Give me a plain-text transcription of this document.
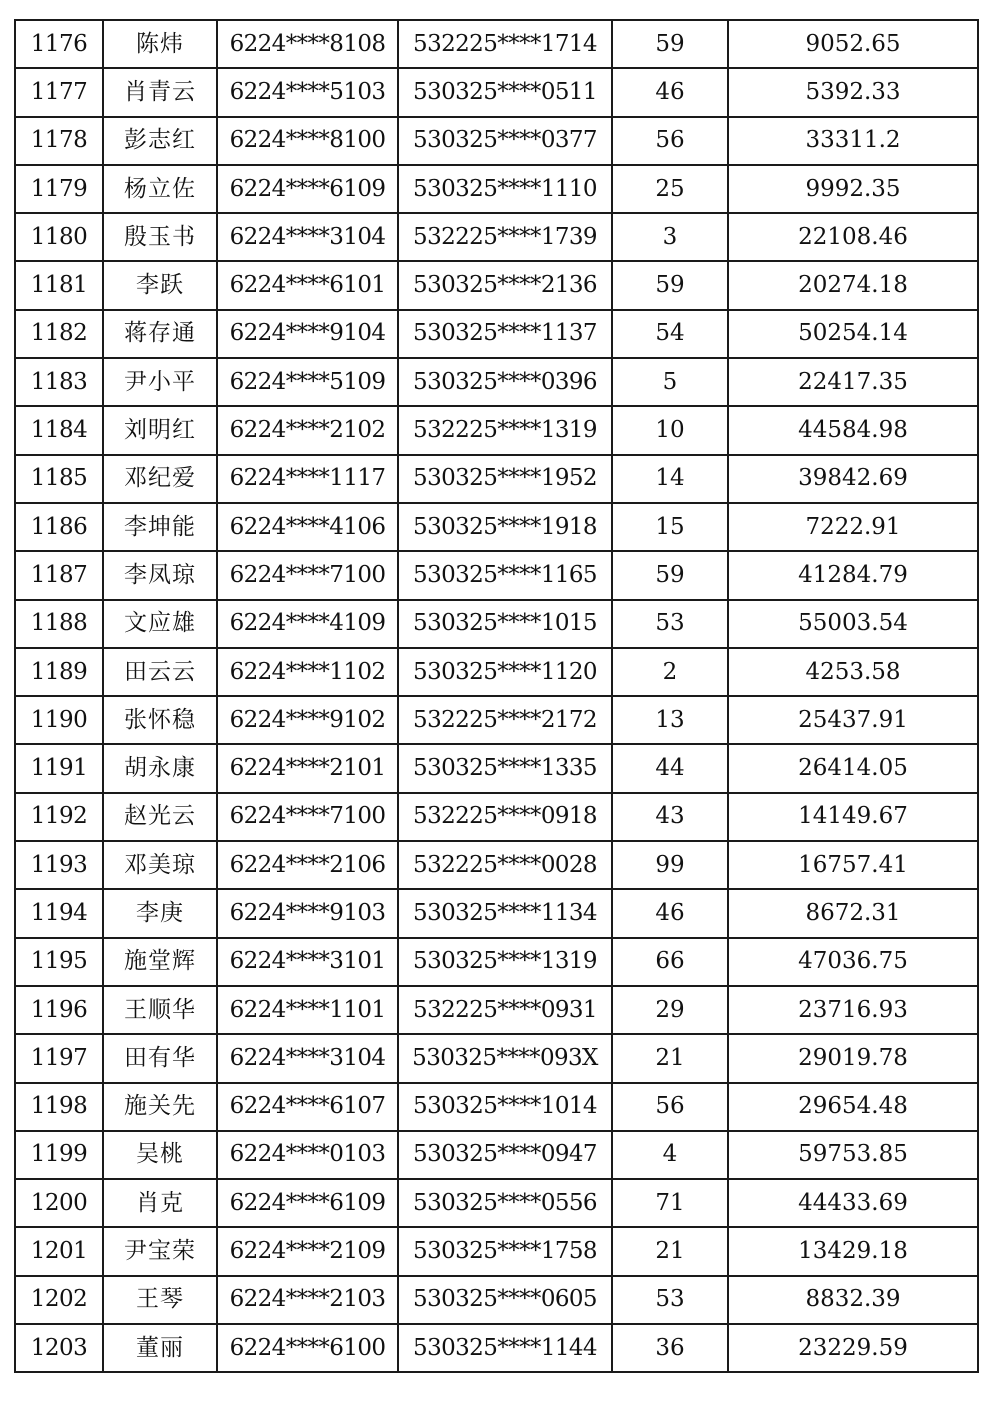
1176	陈炜	6224****8108	532225****1714	59	9052.65
1177	肖青云	6224****5103	530325****0511	46	5392.33
1178	彭志红	6224****8100	530325****0377	56	33311.2
1179	杨立佐	6224****6109	530325****1110	25	9992.35
1180	殷玉书	6224****3104	532225****1739	3	22108.46
1181	李跃	6224****6101	530325****2136	59	20274.18
1182	蒋存通	6224****9104	530325****1137	54	50254.14
1183	尹小平	6224****5109	530325****0396	5	22417.35
1184	刘明红	6224****2102	532225****1319	10	44584.98
1185	邓纪爱	6224****1117	530325****1952	14	39842.69
1186	李坤能	6224****4106	530325****1918	15	7222.91
1187	李凤琼	6224****7100	530325****1165	59	41284.79
1188	文应雄	6224****4109	530325****1015	53	55003.54
1189	田云云	6224****1102	530325****1120	2	4253.58
1190	张怀稳	6224****9102	532225****2172	13	25437.91
1191	胡永康	6224****2101	530325****1335	44	26414.05
1192	赵光云	6224****7100	532225****0918	43	14149.67
1193	邓美琼	6224****2106	532225****0028	99	16757.41
1194	李庚	6224****9103	530325****1134	46	8672.31
1195	施堂辉	6224****3101	530325****1319	66	47036.75
1196	王顺华	6224****1101	532225****0931	29	23716.93
1197	田有华	6224****3104	530325****093X	21	29019.78
1198	施关先	6224****6107	530325****1014	56	29654.48
1199	吴桃	6224****0103	530325****0947	4	59753.85
1200	肖克	6224****6109	530325****0556	71	44433.69
1201	尹宝荣	6224****2109	530325****1758	21	13429.18
1202	王琴	6224****2103	530325****0605	53	8832.39
1203	董丽	6224****6100	530325****1144	36	23229.59
